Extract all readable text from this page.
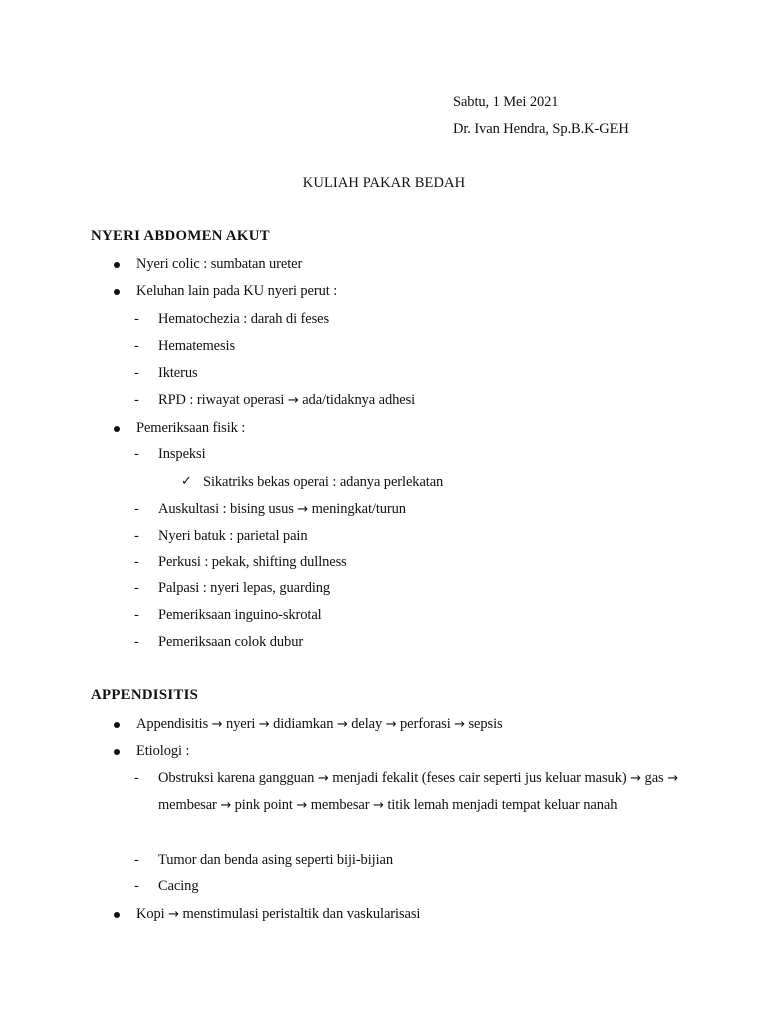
Sabtu, 1 Mei 2021
Dr. Ivan Hendra, Sp.B.K-GEH
KULIAH PAKAR BEDAH
NYERI ABDOMEN AKUT
Nyeri colic : sumbatan ureter
Keluhan lain pada KU nyeri perut :
- Hematochezia : darah di feses
- Hematemesis
- Ikterus
- RPD : riwayat operasi → ada/tidaknya adhesi
Pemeriksaan fisik :
- Inspeksi
✓ Sikatriks bekas operai : adanya perlekatan
- Auskultasi : bising usus → meningkat/turun
- Nyeri batuk : parietal pain
- Perkusi : pekak, shifting dullness
- Palpasi : nyeri lepas, guarding
- Pemeriksaan inguino-skrotal
- Pemeriksaan colok dubur
APPENDISITIS
Appendisitis → nyeri → didiamkan → delay → perforasi → sepsis
Etiologi :
- Obstruksi karena gangguan → menjadi fekalit (feses cair seperti jus keluar masuk) → gas → membesar → pink point → membesar → titik lemah menjadi tempat keluar nanah
- Tumor dan benda asing seperti biji-bijian
- Cacing
Kopi → menstimulasi peristaltik dan vaskularisasi
